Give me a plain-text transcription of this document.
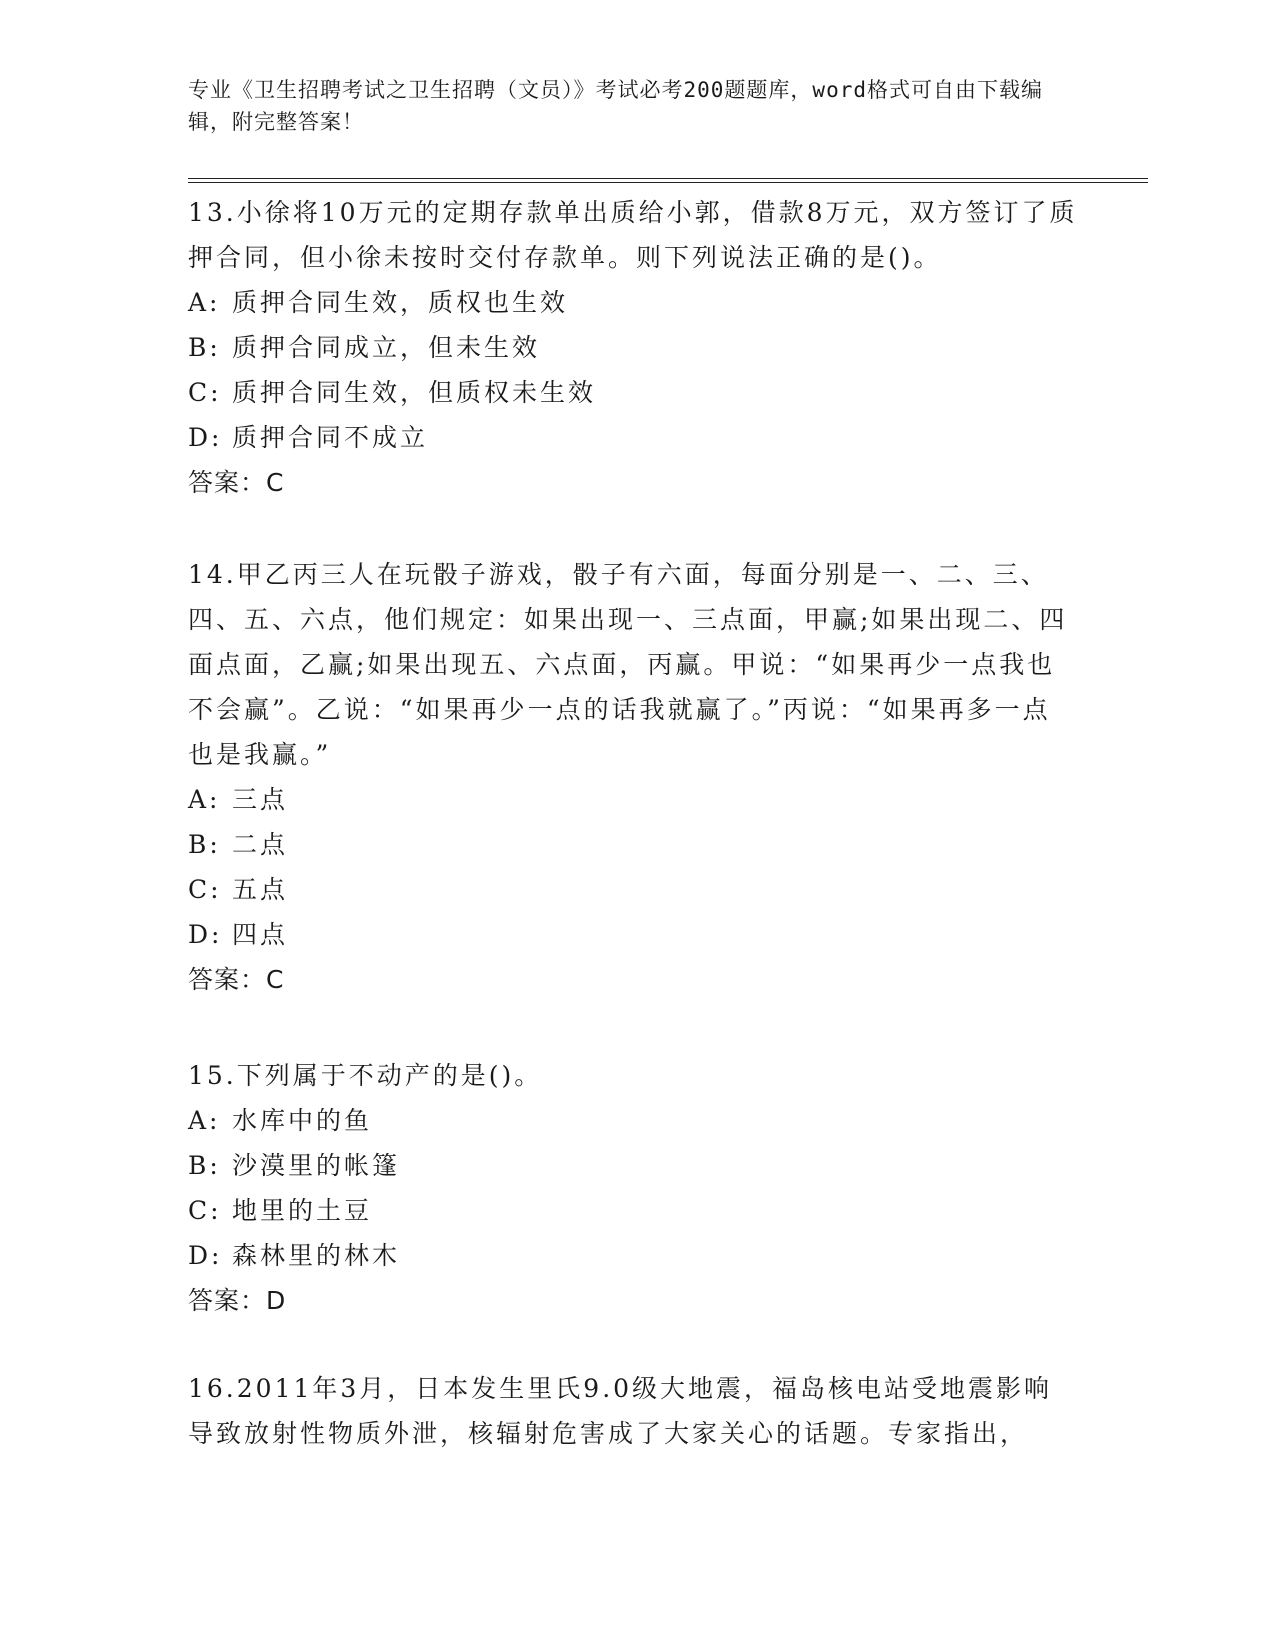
专业《卫生招聘考试之卫生招聘（文员）》考试必考200题题库，word格式可自由下载编辑，附完整答案！

13.小徐将10万元的定期存款单出质给小郭，借款8万元，双方签订了质押合同，但小徐未按时交付存款单。则下列说法正确的是()。

A: 质押合同生效，质权也生效

B: 质押合同成立，但未生效

C: 质押合同生效，但质权未生效

D: 质押合同不成立

答案：C

14.甲乙丙三人在玩骰子游戏，骰子有六面，每面分别是一、二、三、四、五、六点，他们规定：如果出现一、三点面，甲赢;如果出现二、四面点面，乙赢;如果出现五、六点面，丙赢。甲说：“如果再少一点我也不会赢”。乙说：“如果再少一点的话我就赢了。”丙说：“如果再多一点也是我赢。”

A: 三点

B: 二点

C: 五点

D: 四点

答案：C

15.下列属于不动产的是()。

A: 水库中的鱼

B: 沙漠里的帐篷

C: 地里的土豆

D: 森林里的林木

答案：D

16.2011年3月，日本发生里氏9.0级大地震，福岛核电站受地震影响导致放射性物质外泄，核辐射危害成了大家关心的话题。专家指出，
